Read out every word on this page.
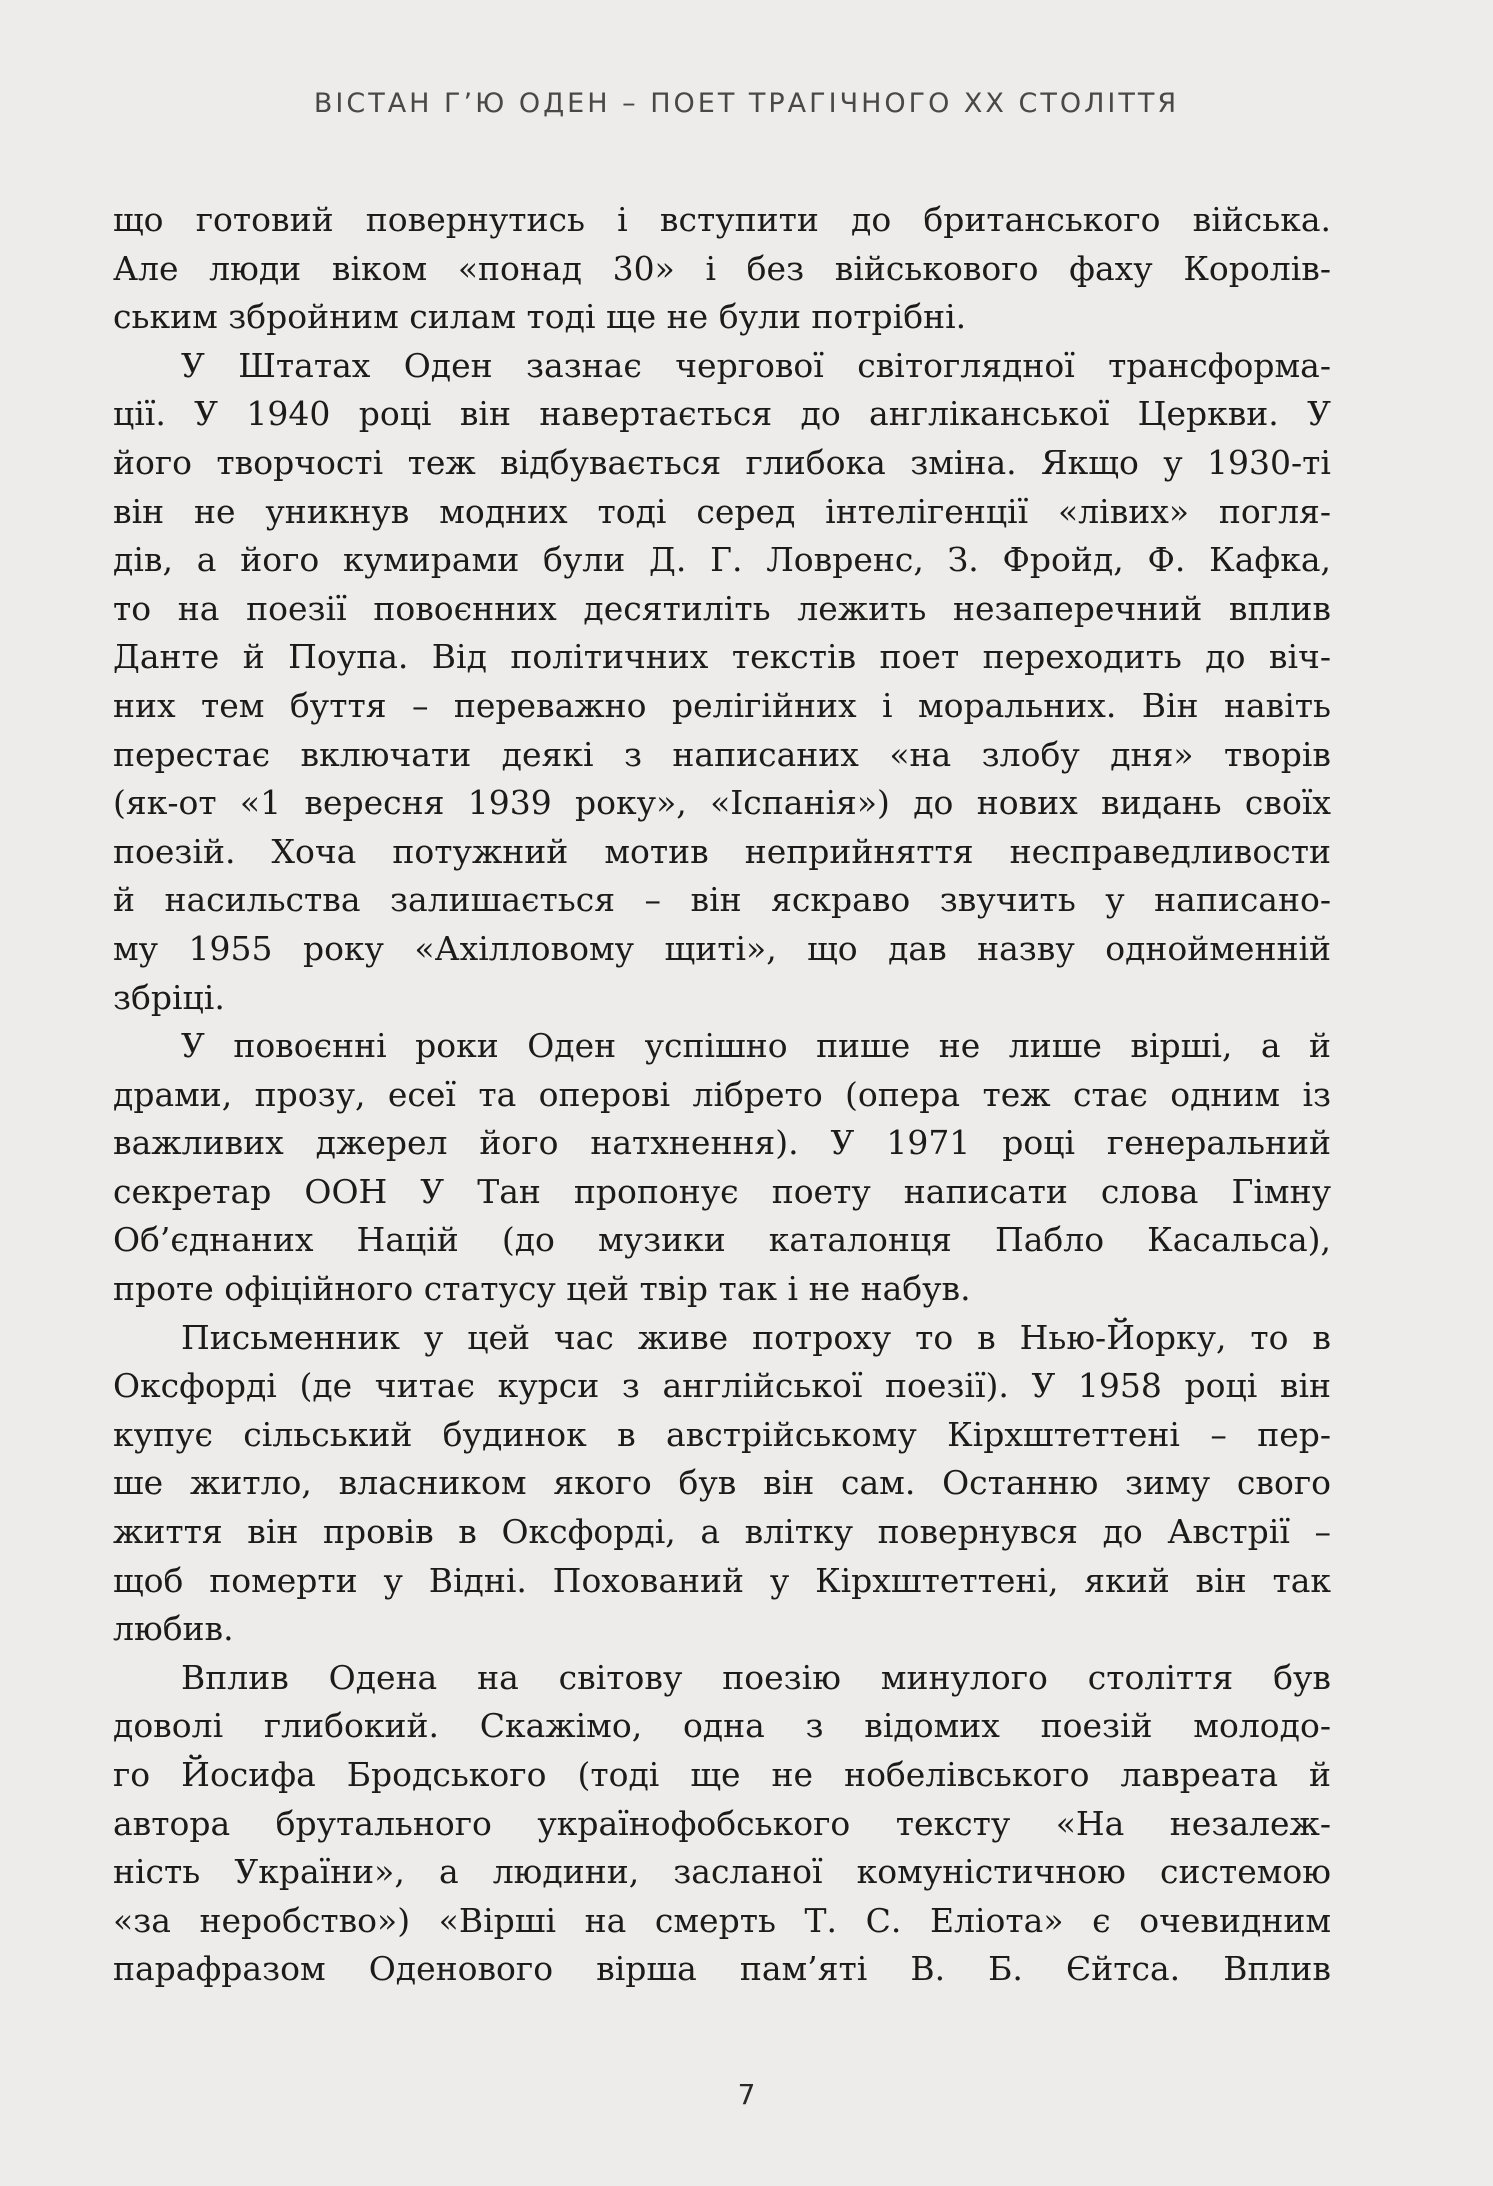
ВІСТАН Г’Ю ОДЕН – ПОЕТ ТРАГІЧНОГО XX СТОЛІТТЯ
що готовий повернутись і вступити до британського війська.
Але люди віком «понад 30» і без військового фаху Королів-
ським збройним силам тоді ще не були потрібні.
У Штатах Оден зазнає чергової світоглядної трансформа-
ції. У 1940 році він навертається до англіканської Церкви. У
його творчості теж відбувається глибока зміна. Якщо у 1930-ті
він не уникнув модних тоді серед інтелігенції «лівих» погля-
дів, а його кумирами були Д. Г. Ловренс, З. Фройд, Ф. Кафка,
то на поезії повоєнних десятиліть лежить незаперечний вплив
Данте й Поупа. Від політичних текстів поет переходить до віч-
них тем буття – переважно релігійних і моральних. Він навіть
перестає включати деякі з написаних «на злобу дня» творів
(як-от «1 вересня 1939 року», «Іспанія») до нових видань своїх
поезій. Хоча потужний мотив неприйняття несправедливости
й насильства залишається – він яскраво звучить у написано-
му 1955 року «Ахілловому щиті», що дав назву однойменній
збріці.
У повоєнні роки Оден успішно пише не лише вірші, а й
драми, прозу, есеї та оперові лібрето (опера теж стає одним із
важливих джерел його натхнення). У 1971 році генеральний
секретар ООН У Тан пропонує поету написати слова Гімну
Об’єднаних Націй (до музики каталонця Пабло Касальса),
проте офіційного статусу цей твір так і не набув.
Письменник у цей час живе потроху то в Нью-Йорку, то в
Оксфорді (де читає курси з англійської поезії). У 1958 році він
купує сільський будинок в австрійському Кірхштеттені – пер-
ше житло, власником якого був він сам. Останню зиму свого
життя він провів в Оксфорді, а влітку повернувся до Австрії –
щоб померти у Відні. Похований у Кірхштеттені, який він так
любив.
Вплив Одена на світову поезію минулого століття був
доволі глибокий. Скажімо, одна з відомих поезій молодо-
го Йосифа Бродського (тоді ще не нобелівського лавреата й
автора брутального українофобського тексту «На незалеж-
ність України», а людини, засланої комуністичною системою
«за неробство») «Вірші на смерть Т. С. Еліота» є очевидним
парафразом Оденового вірша пам’яті В. Б. Єйтса. Вплив
7
